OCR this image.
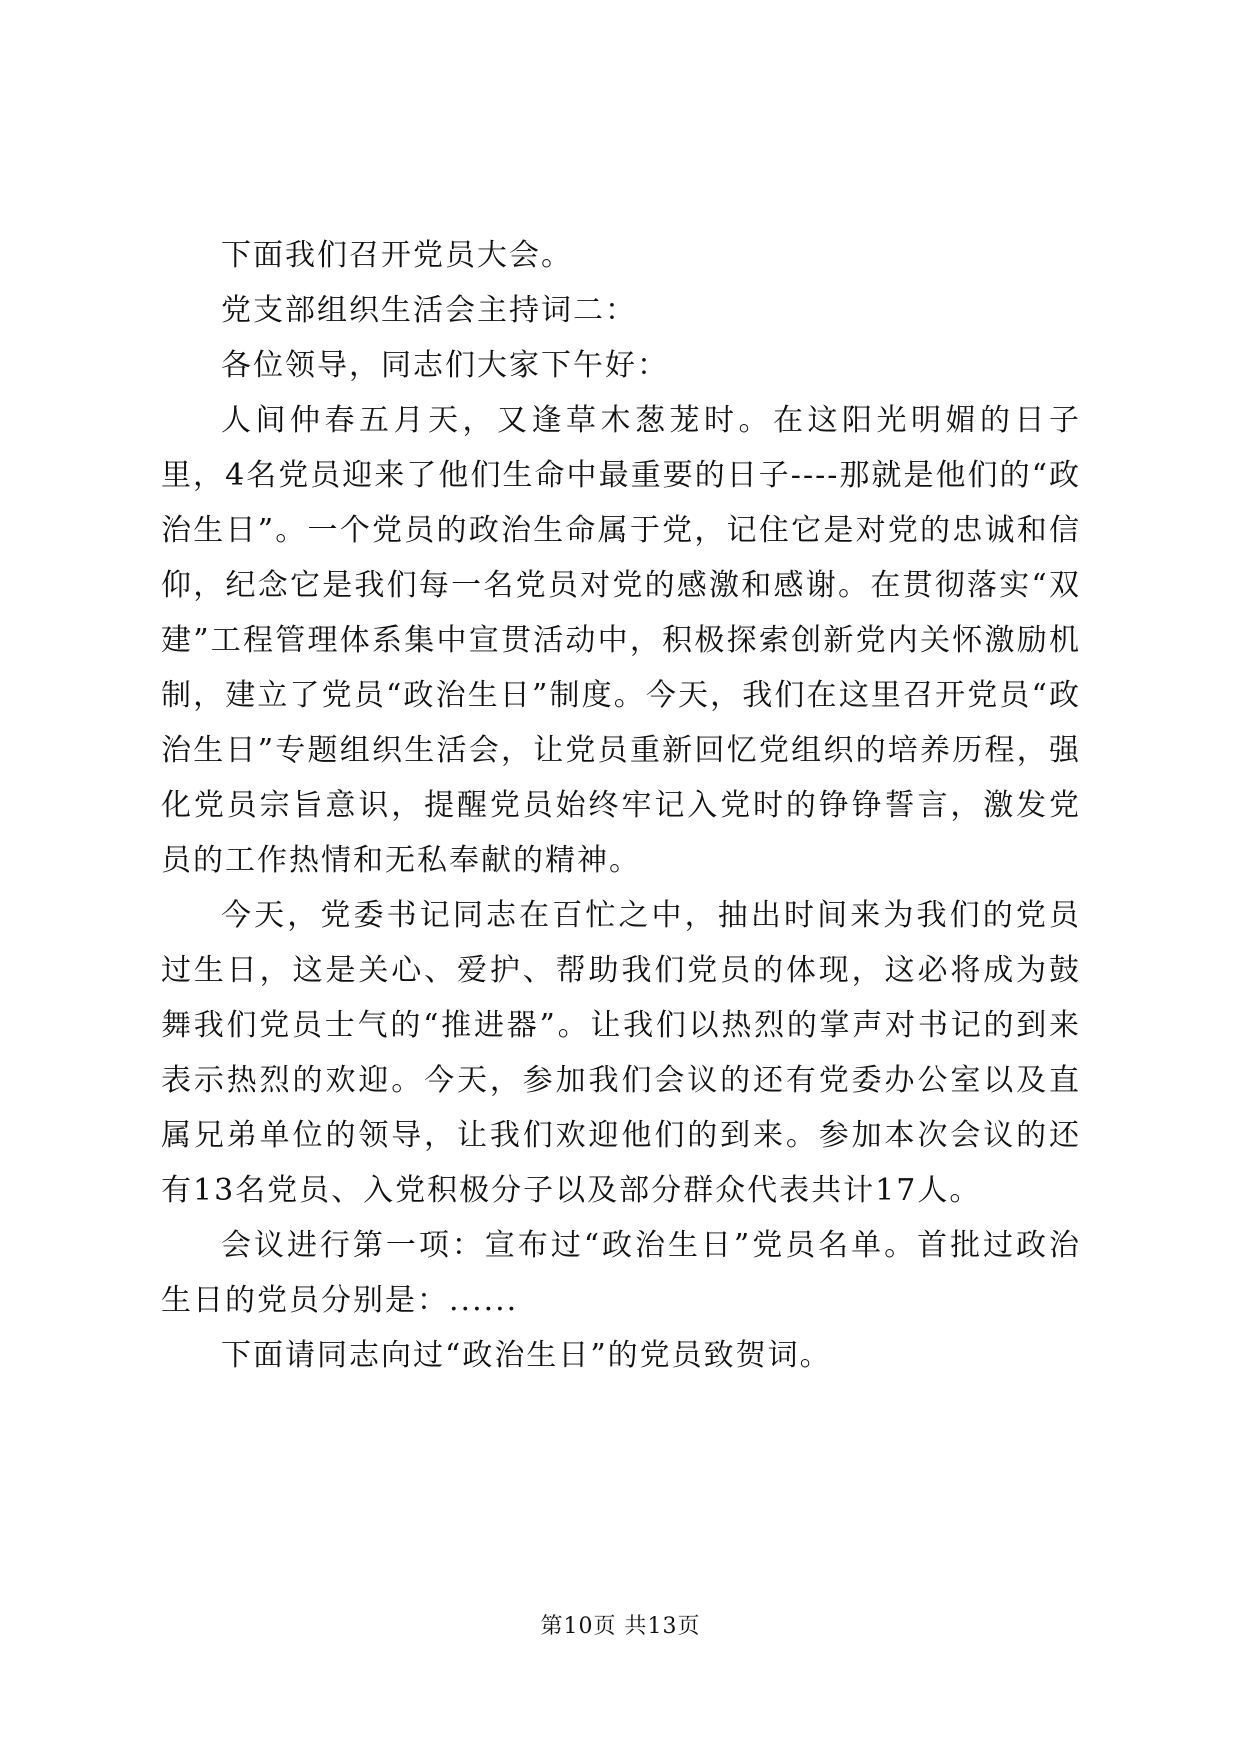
下面我们召开党员大会。

党支部组织生活会主持词二：

各位领导，同志们大家下午好：

人间仲春五月天，又逢草木葱茏时。在这阳光明媚的日子里，4名党员迎来了他们生命中最重要的日子----那就是他们的“政治生日”。一个党员的政治生命属于党，记住它是对党的忠诚和信仰，纪念它是我们每一名党员对党的感激和感谢。在贯彻落实“双建”工程管理体系集中宣贯活动中，积极探索创新党内关怀激励机制，建立了党员“政治生日”制度。今天，我们在这里召开党员“政治生日”专题组织生活会，让党员重新回忆党组织的培养历程，强化党员宗旨意识，提醒党员始终牢记入党时的铮铮誓言，激发党员的工作热情和无私奉献的精神。

今天，党委书记同志在百忙之中，抽出时间来为我们的党员过生日，这是关心、爱护、帮助我们党员的体现，这必将成为鼓舞我们党员士气的“推进器”。让我们以热烈的掌声对书记的到来表示热烈的欢迎。今天，参加我们会议的还有党委办公室以及直属兄弟单位的领导，让我们欢迎他们的到来。参加本次会议的还有13名党员、入党积极分子以及部分群众代表共计17人。

会议进行第一项：宣布过“政治生日”党员名单。首批过政治生日的党员分别是：......

下面请同志向过“政治生日”的党员致贺词。

第10页 共13页
